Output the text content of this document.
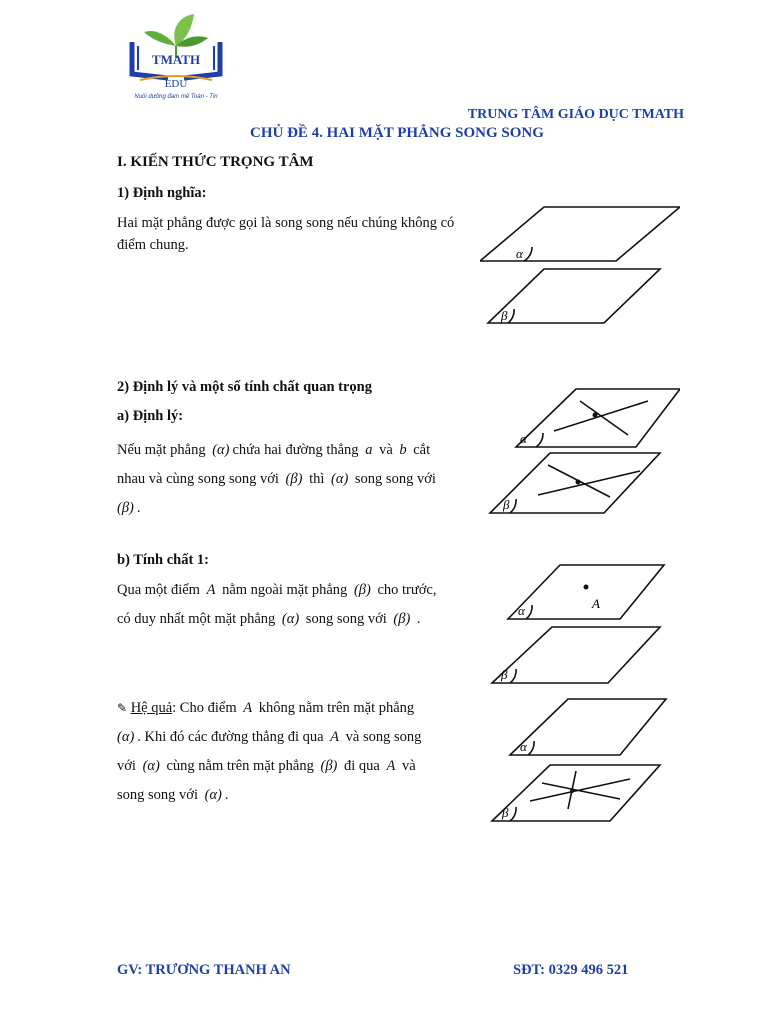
TMATH
EDU
Nuôi dưỡng đam mê Toán - Tin
TRUNG TÂM GIÁO DỤC TMATH
CHỦ ĐỀ 4. HAI MẶT PHẲNG SONG SONG
I. KIẾN THỨC TRỌNG TÂM
1) Định nghĩa:
Hai mặt phẳng được gọi là song song nếu chúng không có
điểm chung.
2) Định lý và một số tính chất quan trọng
a) Định lý:
Nếu mặt phẳng (α) chứa hai đường thẳng a và b cắt
nhau và cùng song song với (β) thì (α) song song với
(β) .
b) Tính chất 1:
Qua một điểm A nằm ngoài mặt phẳng (β) cho trước,
có duy nhất một mặt phẳng (α) song song với (β) .
✎ Hệ quả: Cho điểm A không nằm trên mặt phẳng
(α) . Khi đó các đường thẳng đi qua A và song song
với (α) cùng nằm trên mặt phẳng (β) đi qua A và
song song với (α) .
α
β
α
β
A
α
β
α
β
GV: TRƯƠNG THANH AN	SĐT: 0329 496 521
